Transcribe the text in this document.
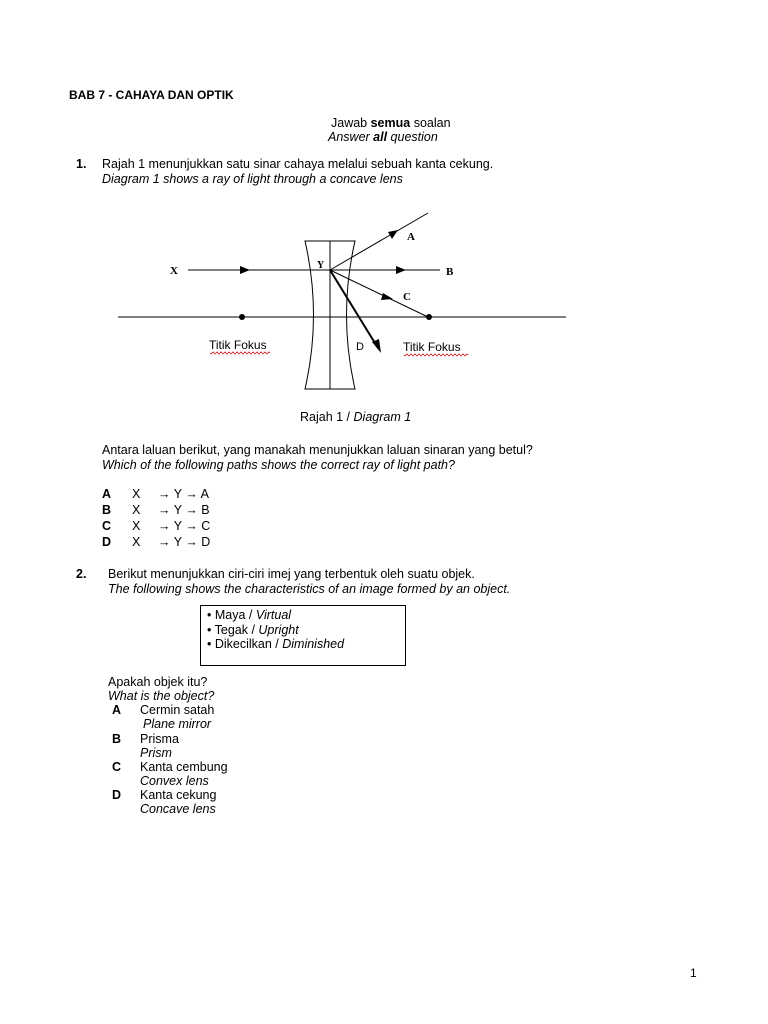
BAB 7 - CAHAYA DAN OPTIK
Jawab semua soalan
Answer all question
1. Rajah 1 menunjukkan satu sinar cahaya melalui sebuah kanta cekung.
Diagram 1 shows a ray of light through a concave lens
X	Y
A
B
C
D
Titik Fokus	Titik Fokus
Rajah 1 / Diagram 1
Antara laluan berikut, yang manakah menunjukkan laluan sinaran yang betul?
Which of the following paths shows the correct ray of light path?
A X → Y → A
B X → Y → B
C X → Y → C
D X → Y → D
2. Berikut menunjukkan ciri-ciri imej yang terbentuk oleh suatu objek.
The following shows the characteristics of an image formed by an object.
• Maya / Virtual
• Tegak / Upright
• Dikecilkan / Diminished
Apakah objek itu?
What is the object?
A Cermin satah
Plane mirror
B Prisma
Prism
C Kanta cembung
Convex lens
D Kanta cekung
Concave lens
1
